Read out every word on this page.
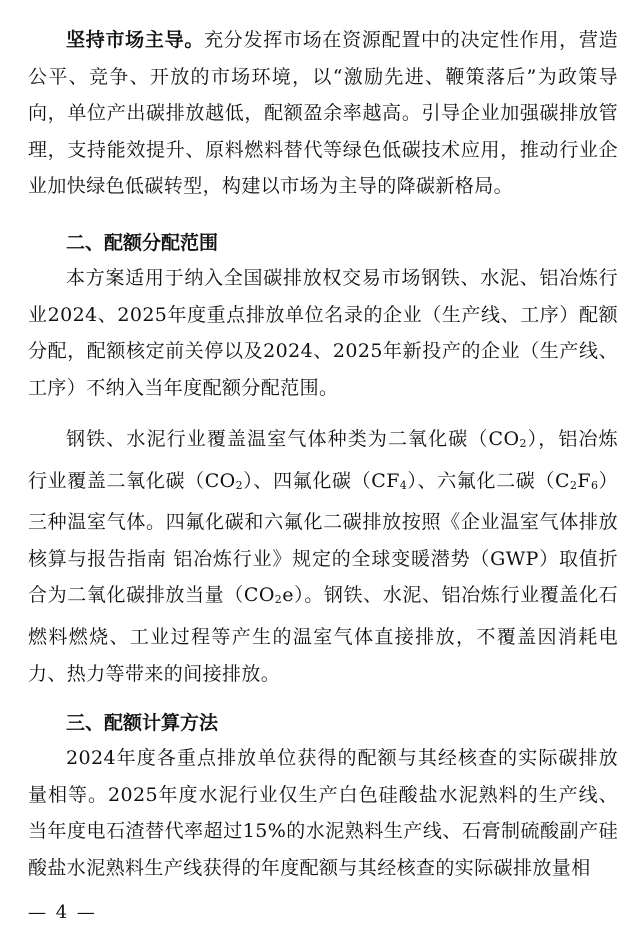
坚持市场主导。充分发挥市场在资源配置中的决定性作用，营造公平、竞争、开放的市场环境，以“激励先进、鞭策落后”为政策导向，单位产出碳排放越低，配额盈余率越高。引导企业加强碳排放管理，支持能效提升、原料燃料替代等绿色低碳技术应用，推动行业企业加快绿色低碳转型，构建以市场为主导的降碳新格局。

二、配额分配范围

本方案适用于纳入全国碳排放权交易市场钢铁、水泥、铝冶炼行业2024、2025年度重点排放单位名录的企业（生产线、工序）配额分配，配额核定前关停以及2024、2025年新投产的企业（生产线、工序）不纳入当年度配额分配范围。

钢铁、水泥行业覆盖温室气体种类为二氧化碳$(CO_2)$，铝冶炼行业覆盖二氧化碳$(CO_2)$、四氟化碳$(CF_4)$、六氟化二碳$(C_2F_6)$三种温室气体。四氟化碳和六氟化二碳排放按照《企业温室气体排放核算与报告指南 铝冶炼行业》规定的全球变暖潜势（GWP）取值折合为二氧化碳排放当量$(CO_2e)$。钢铁、水泥、铝冶炼行业覆盖化石燃料燃烧、工业过程等产生的温室气体直接排放，不覆盖因消耗电力、热力等带来的间接排放。

三、配额计算方法

2024年度各重点排放单位获得的配额与其经核查的实际碳排放量相等。2025年度水泥行业仅生产白色硅酸盐水泥熟料的生产线、当年度电石渣替代率超过15%的水泥熟料生产线、石膏制硫酸副产硅酸盐水泥熟料生产线获得的年度配额与其经核查的实际碳排放量相

— 4 —
